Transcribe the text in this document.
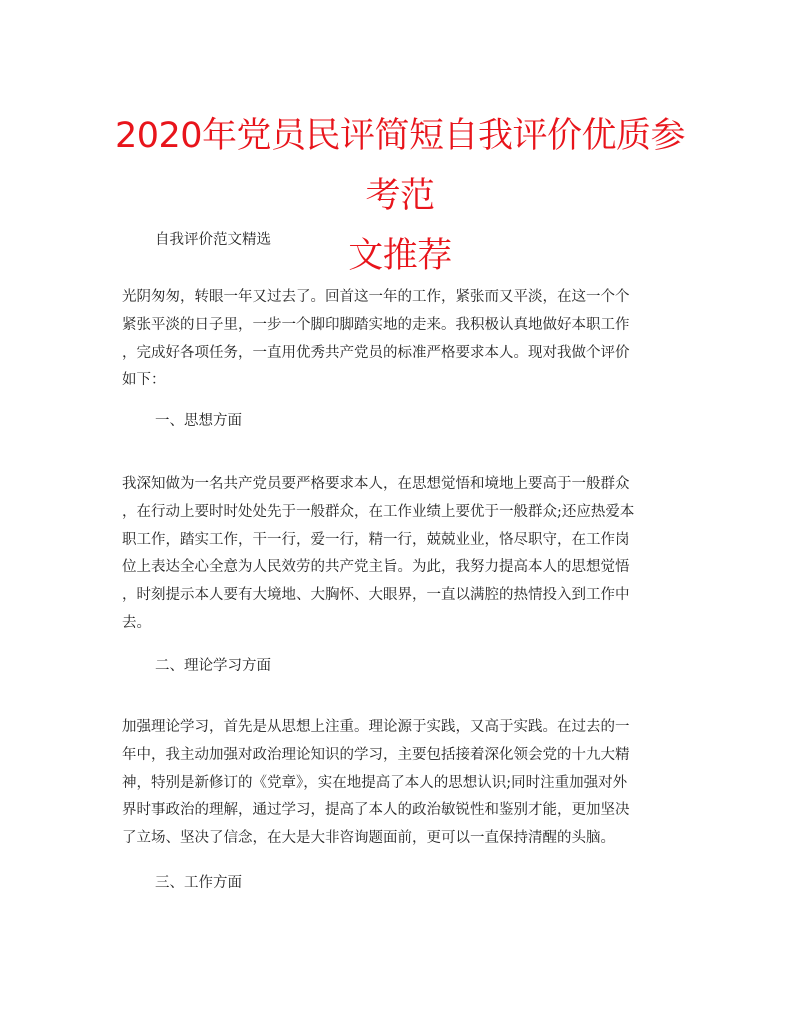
2020年党员民评简短自我评价优质参考范
文推荐
自我评价范文精选

光阴匆匆，转眼一年又过去了。回首这一年的工作，紧张而又平淡，在这一个个
紧张平淡的日子里，一步一个脚印脚踏实地的走来。我积极认真地做好本职工作
，完成好各项任务，一直用优秀共产党员的标准严格要求本人。现对我做个评价
如下：

一、思想方面

我深知做为一名共产党员要严格要求本人，在思想觉悟和境地上要高于一般群众
，在行动上要时时处处先于一般群众，在工作业绩上要优于一般群众;还应热爱本
职工作，踏实工作，干一行，爱一行，精一行，兢兢业业，恪尽职守，在工作岗
位上表达全心全意为人民效劳的共产党主旨。为此，我努力提高本人的思想觉悟
，时刻提示本人要有大境地、大胸怀、大眼界，一直以满腔的热情投入到工作中
去。

二、理论学习方面

加强理论学习，首先是从思想上注重。理论源于实践，又高于实践。在过去的一
年中，我主动加强对政治理论知识的学习，主要包括接着深化领会党的十九大精
神，特别是新修订的《党章》，实在地提高了本人的思想认识;同时注重加强对外
界时事政治的理解，通过学习，提高了本人的政治敏锐性和鉴别才能，更加坚决
了立场、坚决了信念，在大是大非咨询题面前，更可以一直保持清醒的头脑。

三、工作方面
